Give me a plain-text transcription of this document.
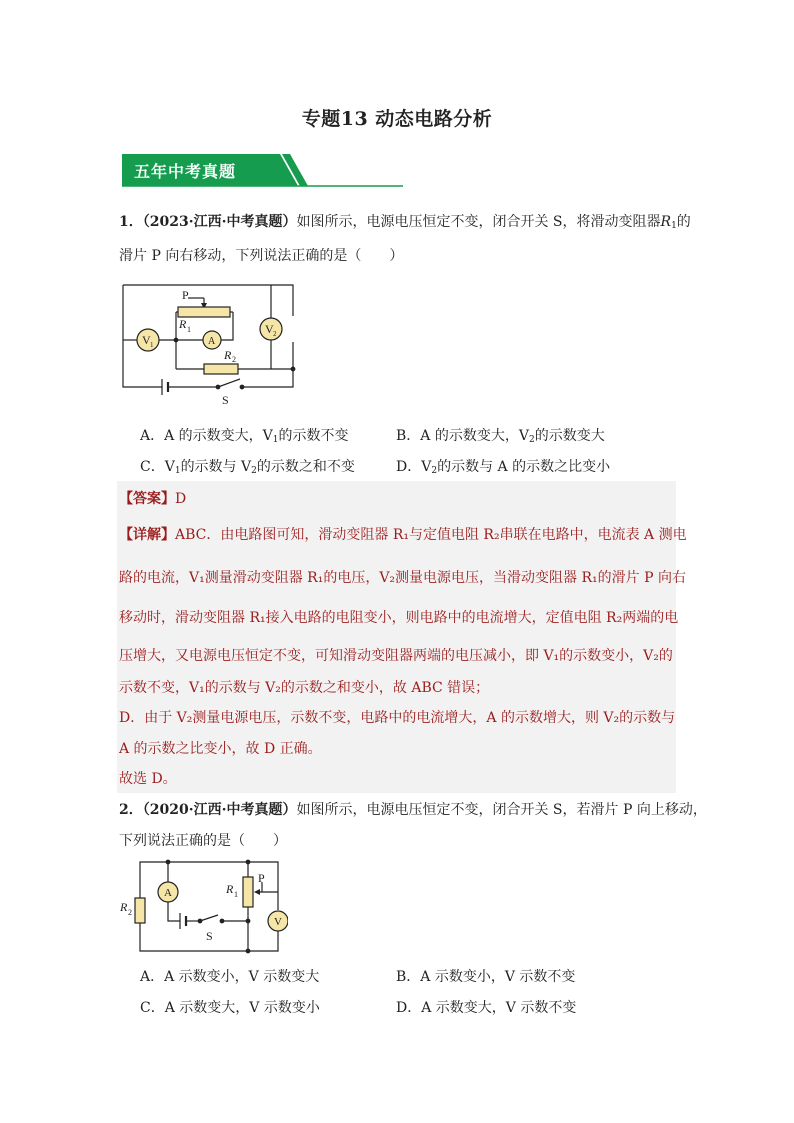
专题13 动态电路分析
五年中考真题
1．（2023·江西·中考真题）如图所示，电源电压恒定不变，闭合开关 S，将滑动变阻器$R_1$的
滑片 P 向右移动，下列说法正确的是（　　）
P
R 1
R 2
A
V 1
V 2
S
A．A 的示数变大，$V_1$的示数不变	B．A 的示数变大，$V_2$的示数变大
C．$V_1$的示数与 $V_2$的示数之和不变	D．$V_2$的示数与 A 的示数之比变小
【答案】D
【详解】ABC．由电路图可知，滑动变阻器 R₁与定值电阻 R₂串联在电路中，电流表 A 测电
路的电流，V₁测量滑动变阻器 R₁的电压，V₂测量电源电压，当滑动变阻器 R₁的滑片 P 向右
移动时，滑动变阻器 R₁接入电路的电阻变小，则电路中的电流增大，定值电阻 R₂两端的电
压增大，又电源电压恒定不变，可知滑动变阻器两端的电压减小，即 V₁的示数变小，V₂的
示数不变，V₁的示数与 V₂的示数之和变小，故 ABC 错误；
D．由于 V₂测量电源电压，示数不变，电路中的电流增大，A 的示数增大，则 V₂的示数与
A 的示数之比变小，故 D 正确。
故选 D。
2．（2020·江西·中考真题）如图所示，电源电压恒定不变，闭合开关 S，若滑片 P 向上移动，
下列说法正确的是（　　）
R 2
R 1
P
A
V
S
A．A 示数变小，V 示数变大	B．A 示数变小，V 示数不变
C．A 示数变大，V 示数变小	D．A 示数变大，V 示数不变
